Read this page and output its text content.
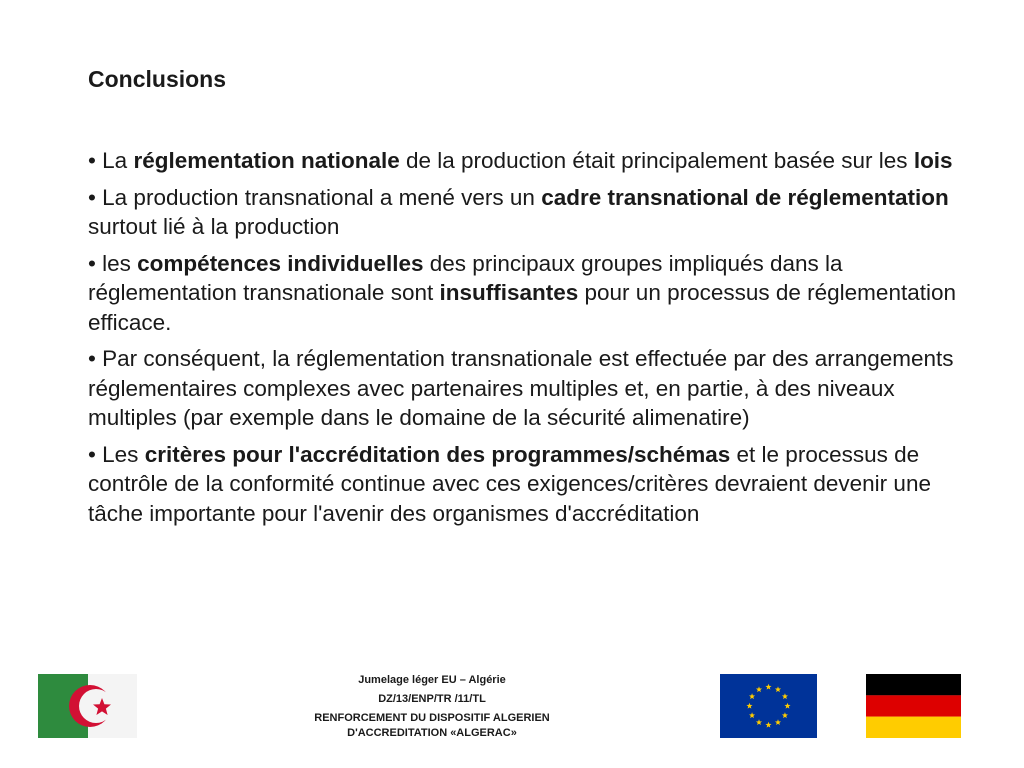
Conclusions
• La réglementation nationale de la production était principalement basée sur les lois
• La production transnational a mené vers un cadre transnational de réglementation surtout lié à la production
• les compétences individuelles des principaux groupes impliqués dans la réglementation transnationale sont insuffisantes pour un processus de réglementation efficace.
• Par conséquent, la réglementation transnationale est effectuée par des arrangements réglementaires complexes avec partenaires multiples et, en partie, à des niveaux multiples (par exemple dans le domaine de la sécurité alimenatire)
• Les critères pour l'accréditation des programmes/schémas et le processus de contrôle de la conformité continue avec ces exigences/critères devraient devenir une tâche importante pour l'avenir des organismes d'accréditation
Jumelage léger EU – Algérie
DZ/13/ENP/TR /11/TL
RENFORCEMENT DU DISPOSITIF ALGERIEN
D'ACCREDITATION «ALGERAC»
